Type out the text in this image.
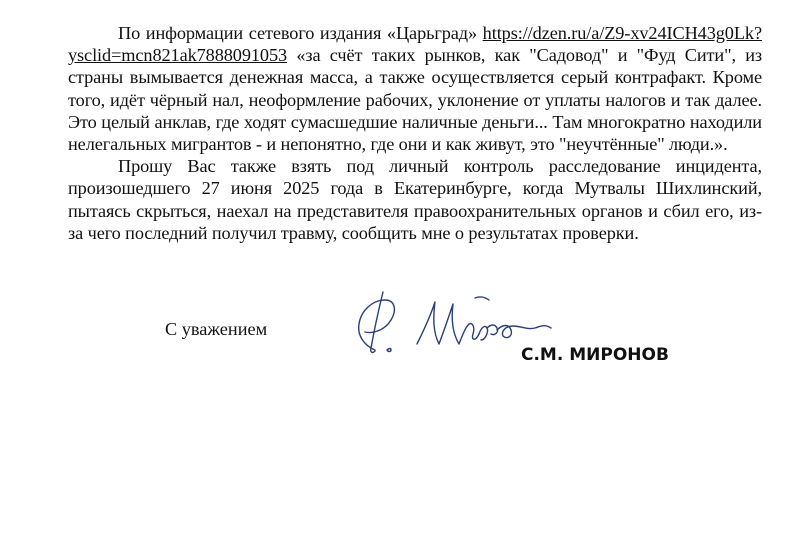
По информации сетевого издания «Царьград» https://dzen.ru/a/Z9-xv24ICH43g0Lk?ysclid=mcn821ak7888091053 «за счёт таких рынков, как "Садовод" и "Фуд Сити", из страны вымывается денежная масса, а также осуществляется серый контрафакт. Кроме того, идёт чёрный нал, неоформление рабочих, уклонение от уплаты налогов и так далее. Это целый анклав, где ходят сумасшедшие наличные деньги... Там многократно находили нелегальных мигрантов - и непонятно, где они и как живут, это "неучтённые" люди.».

Прошу Вас также взять под личный контроль расследование инцидента, произошедшего 27 июня 2025 года в Екатеринбурге, когда Мутвалы Шихлинский, пытаясь скрыться, наехал на представителя правоохранительных органов и сбил его, из-за чего последний получил травму, сообщить мне о результатах проверки.

С уважением
С.М. МИРОНОВ
